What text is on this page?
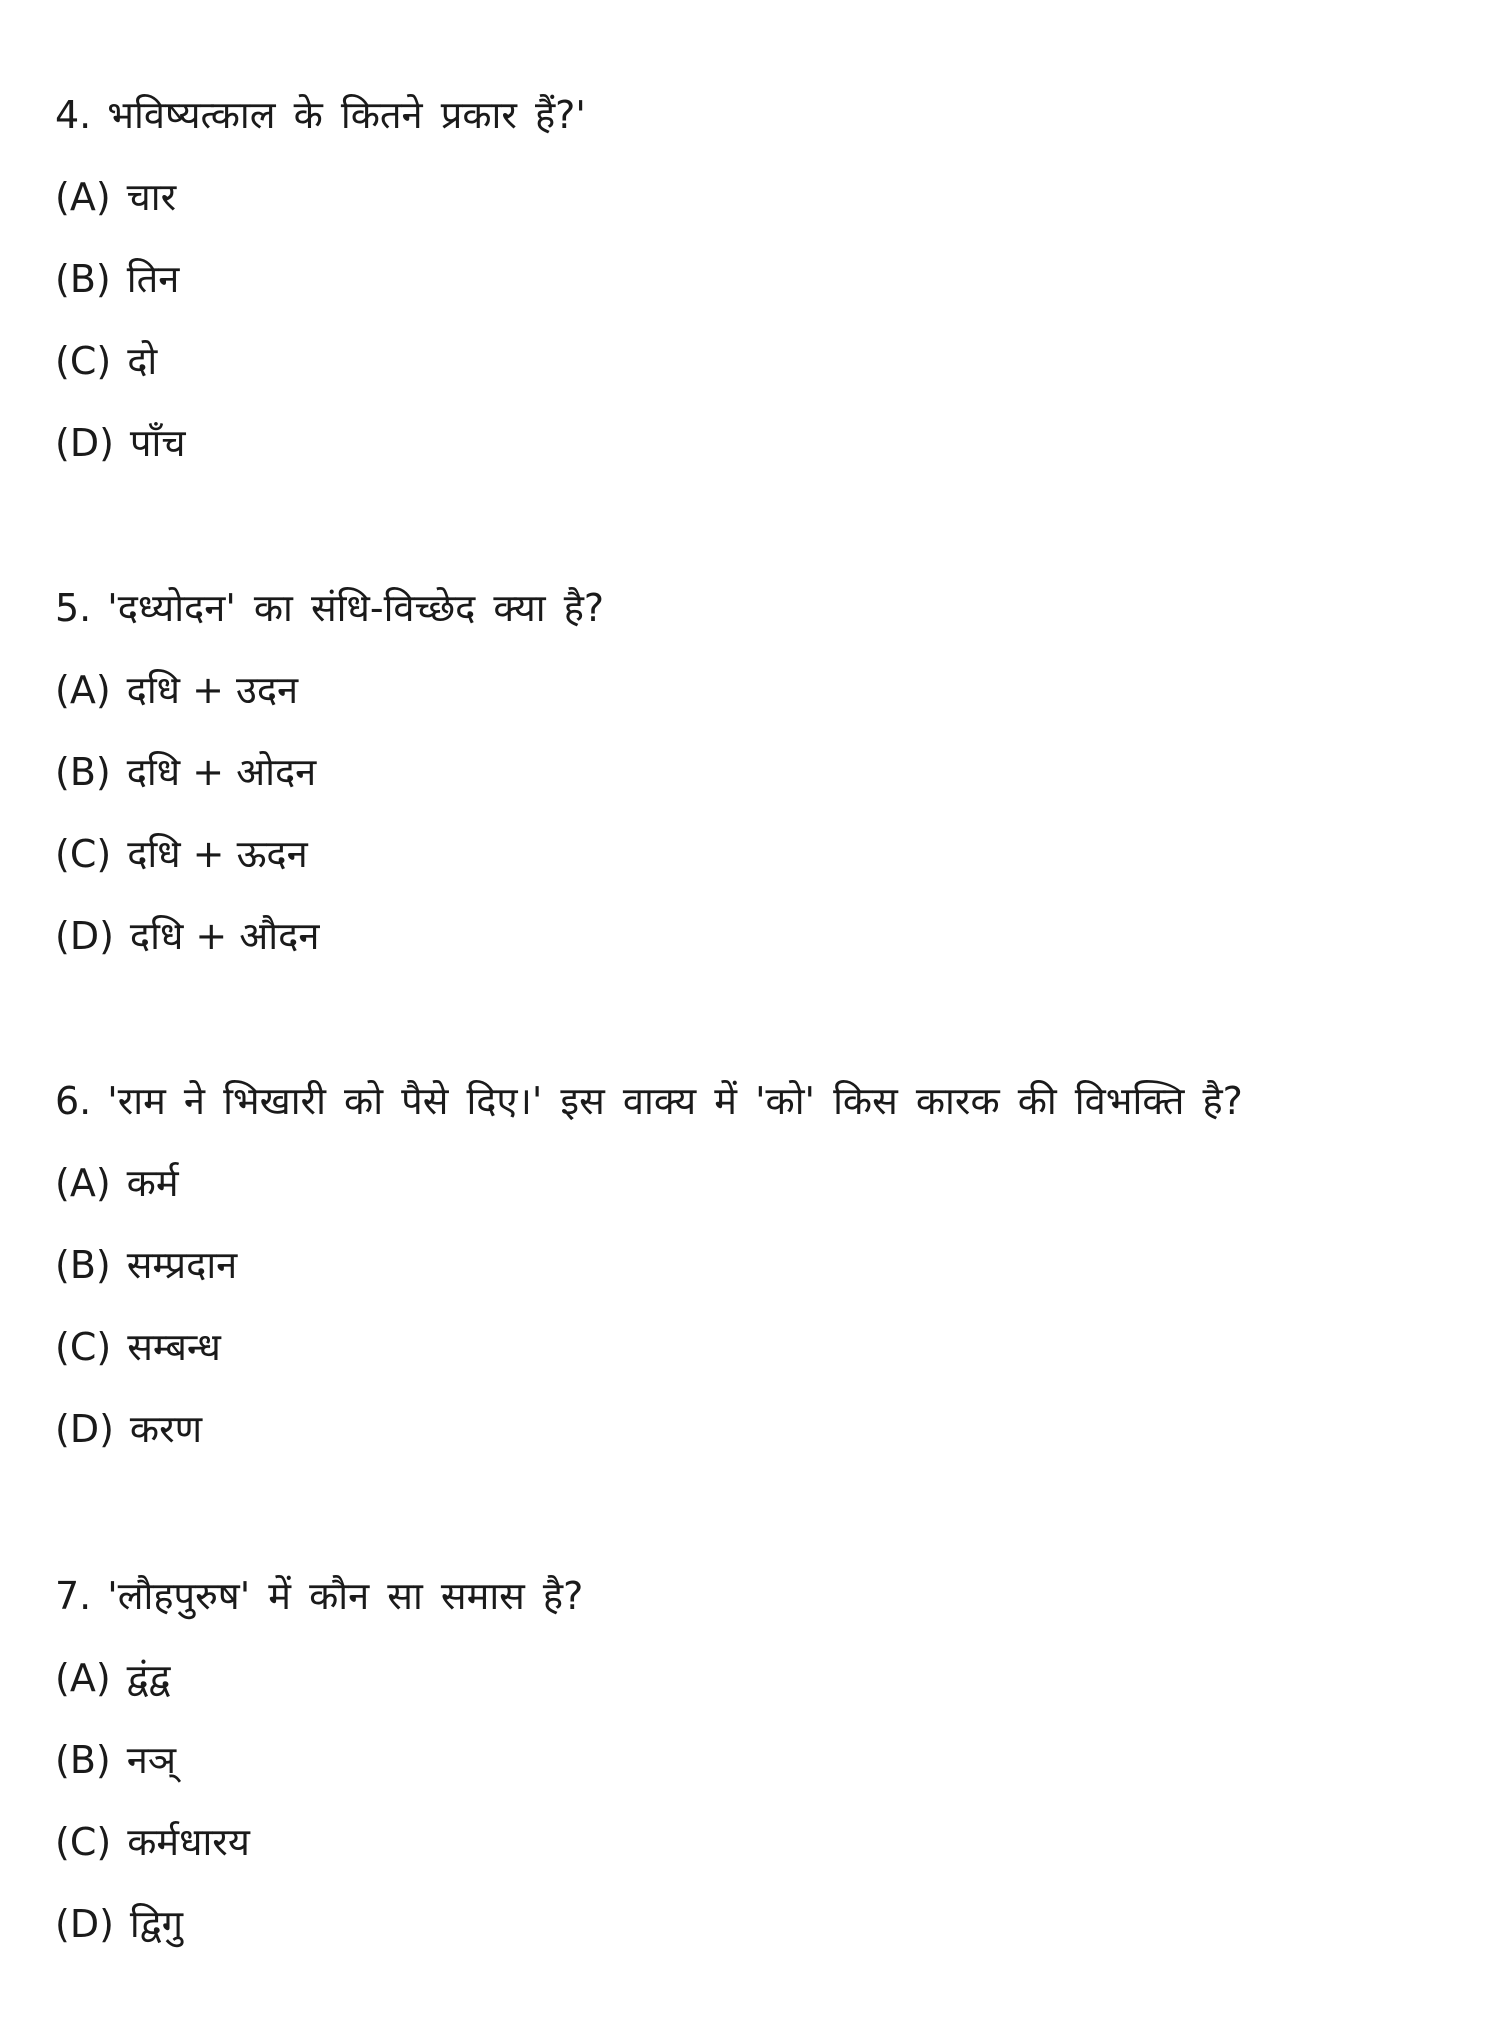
4. भविष्यत्काल के कितने प्रकार हैं?'
(A) चार
(B) तिन
(C) दो
(D) पाँच
5. 'दध्योदन' का संधि-विच्छेद क्या है?
(A) दधि + उदन
(B) दधि + ओदन
(C) दधि + ऊदन
(D) दधि + औदन
6. 'राम ने भिखारी को पैसे दिए।' इस वाक्य में 'को' किस कारक की विभक्ति है?
(A) कर्म
(B) सम्प्रदान
(C) सम्बन्ध
(D) करण
7. 'लौहपुरुष' में कौन सा समास है?
(A) द्वंद्व
(B) नञ्
(C) कर्मधारय
(D) द्विगु
